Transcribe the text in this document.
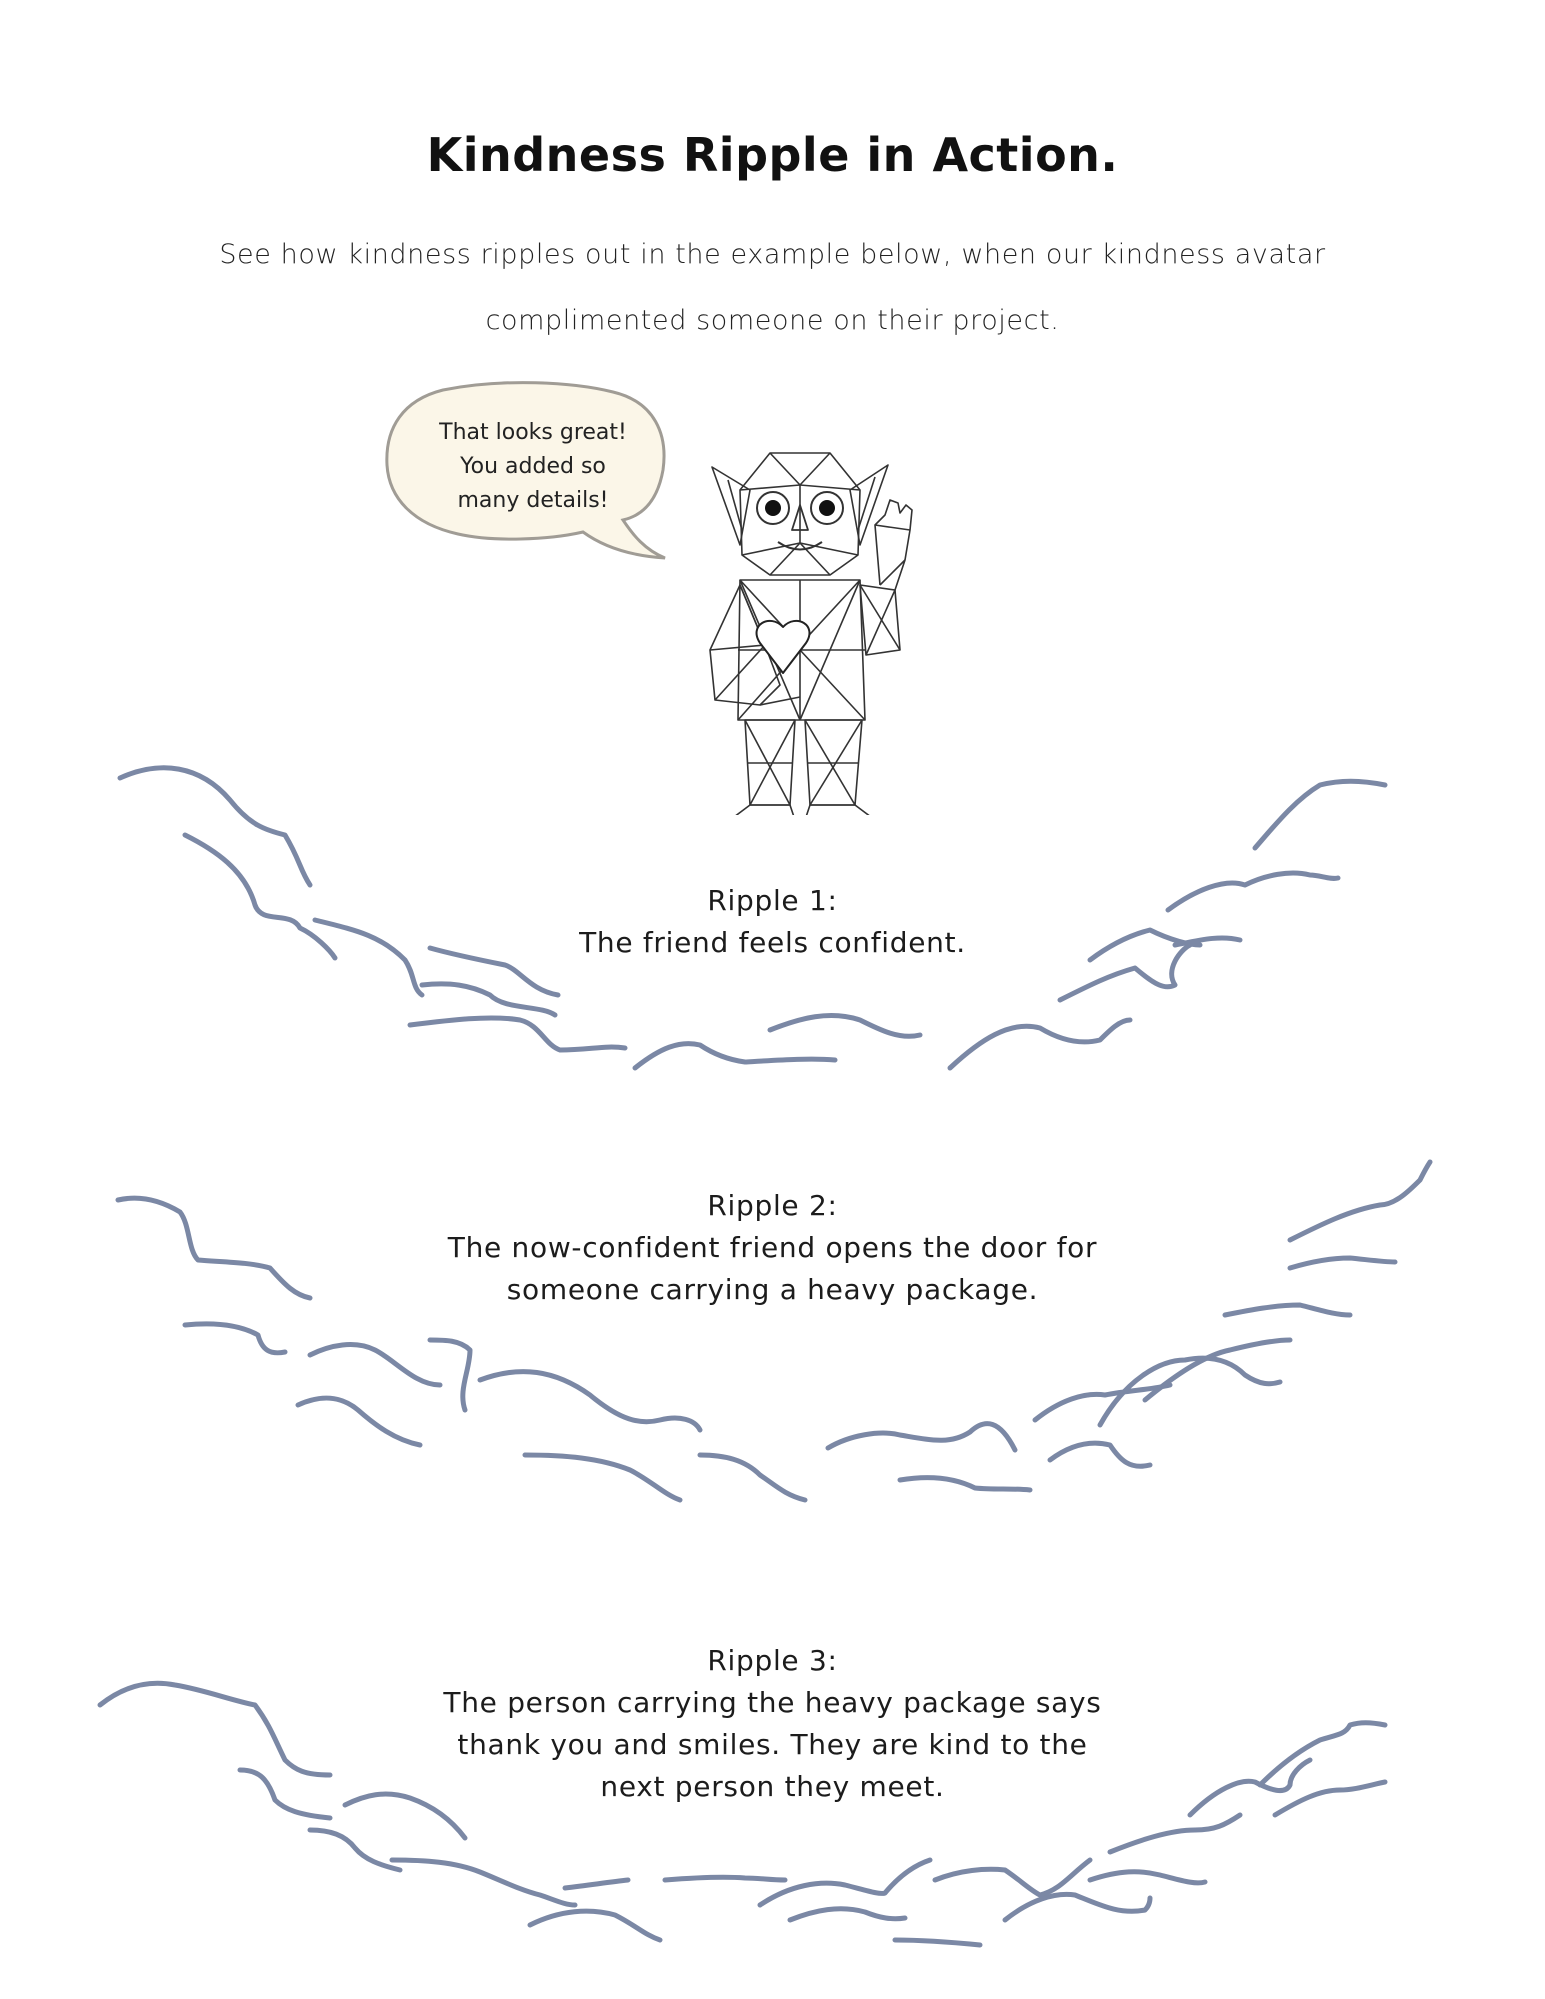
Kindness Ripple in Action.
See how kindness ripples out in the example below, when our kindness avatar
complimented someone on their project.
That looks great!
You added so
many details!
Ripple 1:
The friend feels confident.
Ripple 2:
The now-confident friend opens the door for
someone carrying a heavy package.
Ripple 3:
The person carrying the heavy package says
thank you and smiles. They are kind to the
next person they meet.
